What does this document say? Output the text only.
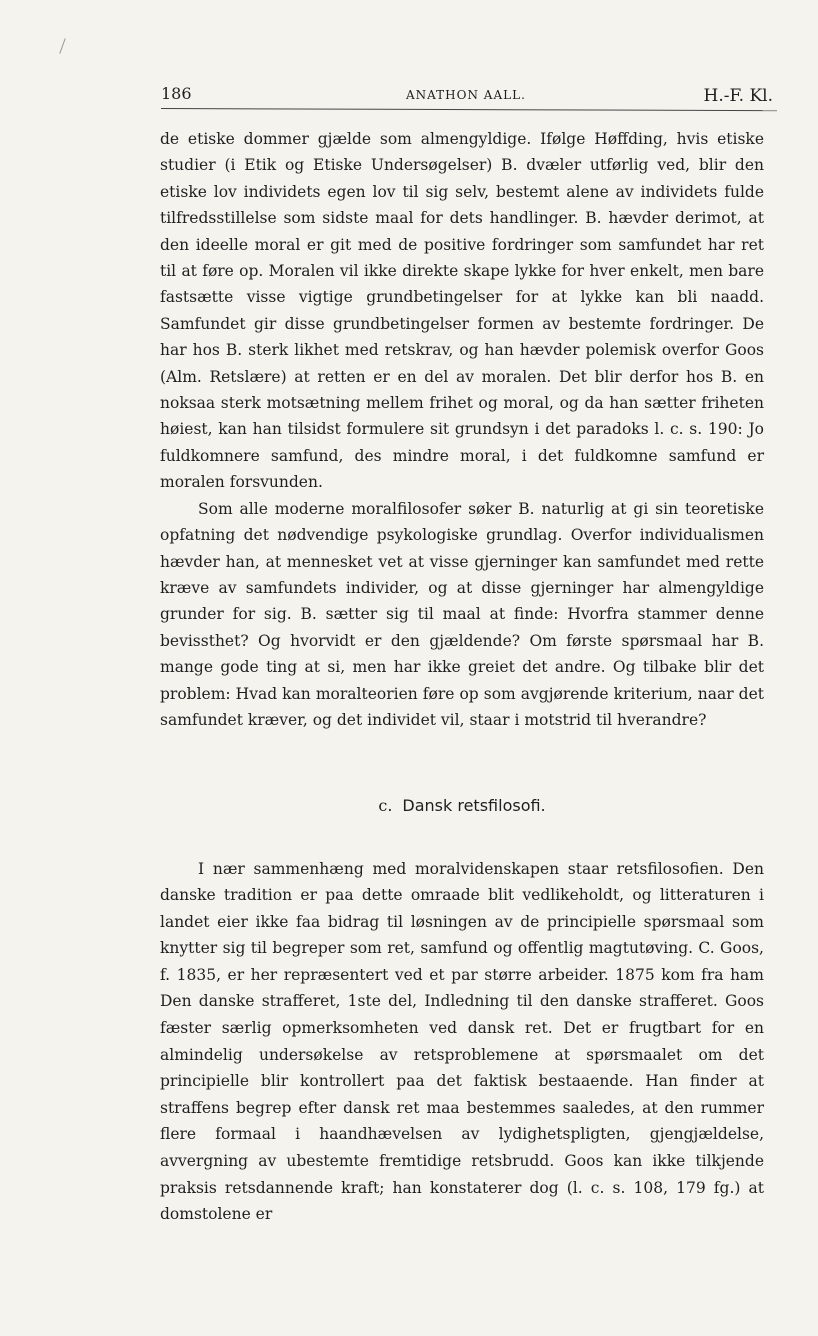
186	ANATHON AALL.	H.-F. Kl.

de etiske dommer gjælde som almengyldige. Ifølge Høffding, hvis etiske studier (i Etik og Etiske Undersøgelser) B. dvæler utførlig ved, blir den etiske lov individets egen lov til sig selv, bestemt alene av individets fulde tilfredsstillelse som sidste maal for dets handlinger. B. hævder derimot, at den ideelle moral er git med de positive fordringer som samfundet har ret til at føre op. Moralen vil ikke direkte skape lykke for hver enkelt, men bare fastsætte visse vigtige grundbetingelser for at lykke kan bli naadd. Samfundet gir disse grundbetingelser formen av bestemte fordringer. De har hos B. sterk likhet med retskrav, og han hævder polemisk overfor Goos (Alm. Retslære) at retten er en del av moralen. Det blir derfor hos B. en noksaa sterk motsætning mellem frihet og moral, og da han sætter friheten høiest, kan han tilsidst formulere sit grundsyn i det paradoks l. c. s. 190: Jo fuldkomnere samfund, des mindre moral, i det fuldkomne samfund er moralen forsvunden.

Som alle moderne moralfilosofer søker B. naturlig at gi sin teoretiske opfatning det nødvendige psykologiske grundlag. Overfor individualismen hævder han, at mennesket vet at visse gjerninger kan samfundet med rette kræve av samfundets individer, og at disse gjerninger har almengyldige grunder for sig. B. sætter sig til maal at finde: Hvorfra stammer denne bevissthet? Og hvorvidt er den gjældende? Om første spørsmaal har B. mange gode ting at si, men har ikke greiet det andre. Og tilbake blir det problem: Hvad kan moralteorien føre op som avgjørende kriterium, naar det samfundet kræver, og det individet vil, staar i motstrid til hverandre?

c. Dansk retsfilosofi.

I nær sammenhæng med moralvidenskapen staar retsfilosofien. Den danske tradition er paa dette omraade blit vedlikeholdt, og litteraturen i landet eier ikke faa bidrag til løsningen av de principielle spørsmaal som knytter sig til begreper som ret, samfund og offentlig magtutøving. C. Goos, f. 1835, er her repræsentert ved et par større arbeider. 1875 kom fra ham Den danske strafferet, 1ste del, Indledning til den danske strafferet. Goos fæster særlig opmerksomheten ved dansk ret. Det er frugtbart for en almindelig undersøkelse av retsproblemene at spørsmaalet om det principielle blir kontrollert paa det faktisk bestaaende. Han finder at straffens begrep efter dansk ret maa bestemmes saaledes, at den rummer flere formaal i haandhævelsen av lydighetspligten, gjengjældelse, avvergning av ubestemte fremtidige retsbrudd. Goos kan ikke tilkjende praksis retsdannende kraft; han konstaterer dog (l. c. s. 108, 179 fg.) at domstolene er
